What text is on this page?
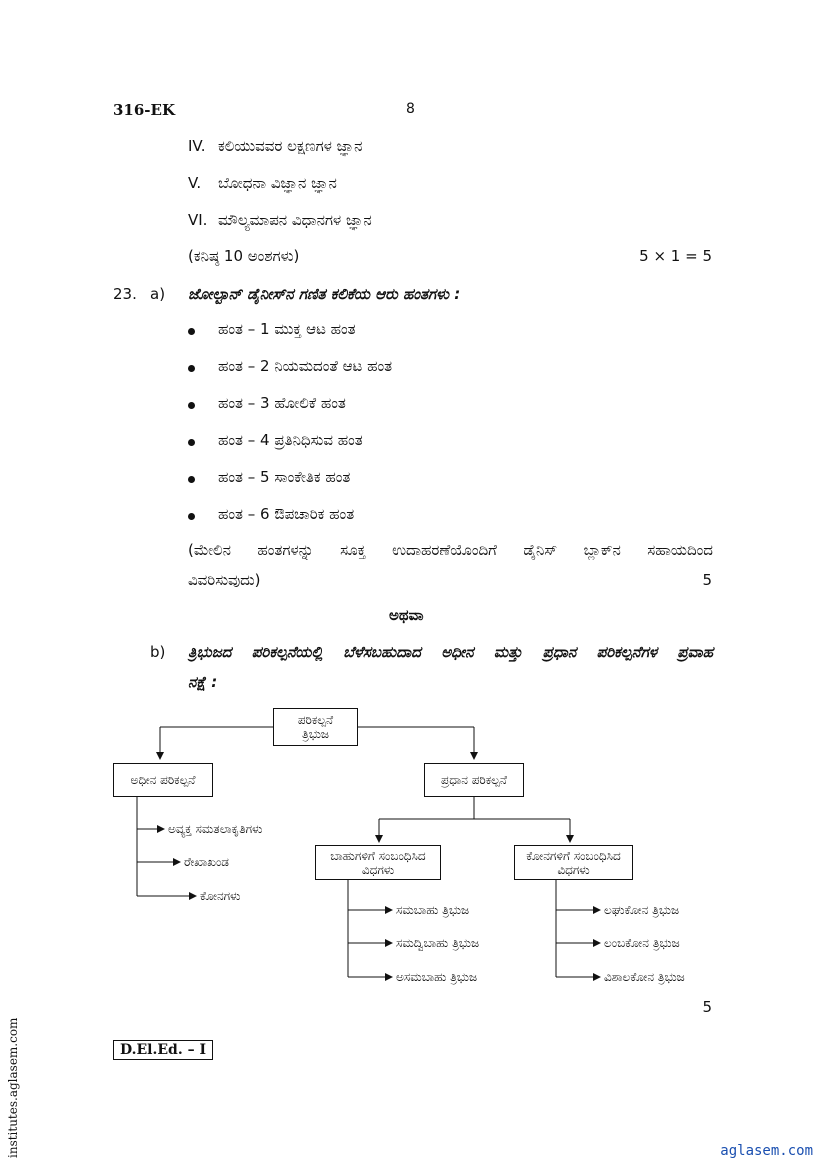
316-EK	8
IV. ಕಲಿಯುವವರ ಲಕ್ಷಣಗಳ ಜ್ಞಾನ
V. ಬೋಧನಾ ವಿಜ್ಞಾನ ಜ್ಞಾನ
VI. ಮೌಲ್ಯಮಾಪನ ವಿಧಾನಗಳ ಜ್ಞಾನ
(ಕನಿಷ್ಠ 10 ಅಂಶಗಳು)	5 × 1 = 5
23. a) ಜೋಲ್ಟಾನ್ ಡೈನೀಸ್‌ನ ಗಣಿತ ಕಲಿಕೆಯ ಆರು ಹಂತಗಳು :
ಹಂತ – 1 ಮುಕ್ತ ಆಟ ಹಂತ
ಹಂತ – 2 ನಿಯಮದಂತೆ ಆಟ ಹಂತ
ಹಂತ – 3 ಹೋಲಿಕೆ ಹಂತ
ಹಂತ – 4 ಪ್ರತಿನಿಧಿಸುವ ಹಂತ
ಹಂತ – 5 ಸಾಂಕೇತಿಕ ಹಂತ
ಹಂತ – 6 ಔಪಚಾರಿಕ ಹಂತ
(ಮೇಲಿನ ಹಂತಗಳನ್ನು ಸೂಕ್ತ ಉದಾಹರಣೆಯೊಂದಿಗೆ ಡೈನಿಸ್ ಬ್ಲಾಕ್‌ನ ಸಹಾಯದಿಂದ
ವಿವರಿಸುವುದು)	5
ಅಥವಾ
b) ತ್ರಿಭುಜದ ಪರಿಕಲ್ಪನೆಯಲ್ಲಿ ಬೆಳೆಸಬಹುದಾದ ಅಧೀನ ಮತ್ತು ಪ್ರಧಾನ ಪರಿಕಲ್ಪನೆಗಳ ಪ್ರವಾಹ
ನಕ್ಷೆ :
ಪರಿಕಲ್ಪನೆ
ತ್ರಿಭುಜ
ಅಧೀನ ಪರಿಕಲ್ಪನೆ	ಪ್ರಧಾನ ಪರಿಕಲ್ಪನೆ
ಬಾಹುಗಳಿಗೆ ಸಂಬಂಧಿಸಿದ
ವಿಧಗಳು
ಕೋನಗಳಿಗೆ ಸಂಬಂಧಿಸಿದ
ವಿಧಗಳು
ಅವ್ಯಕ್ತ ಸಮತಲಾಕೃತಿಗಳು
ರೇಖಾಖಂಡ
ಕೋನಗಳು
ಸಮಬಾಹು ತ್ರಿಭುಜ
ಸಮದ್ವಿಬಾಹು ತ್ರಿಭುಜ
ಅಸಮಬಾಹು ತ್ರಿಭುಜ
ಲಘುಕೋನ ತ್ರಿಭುಜ
ಲಂಬಕೋನ ತ್ರಿಭುಜ
ವಿಶಾಲಕೋನ ತ್ರಿಭುಜ
5
D.El.Ed. – I
institutes.aglasem.com	aglasem.com
